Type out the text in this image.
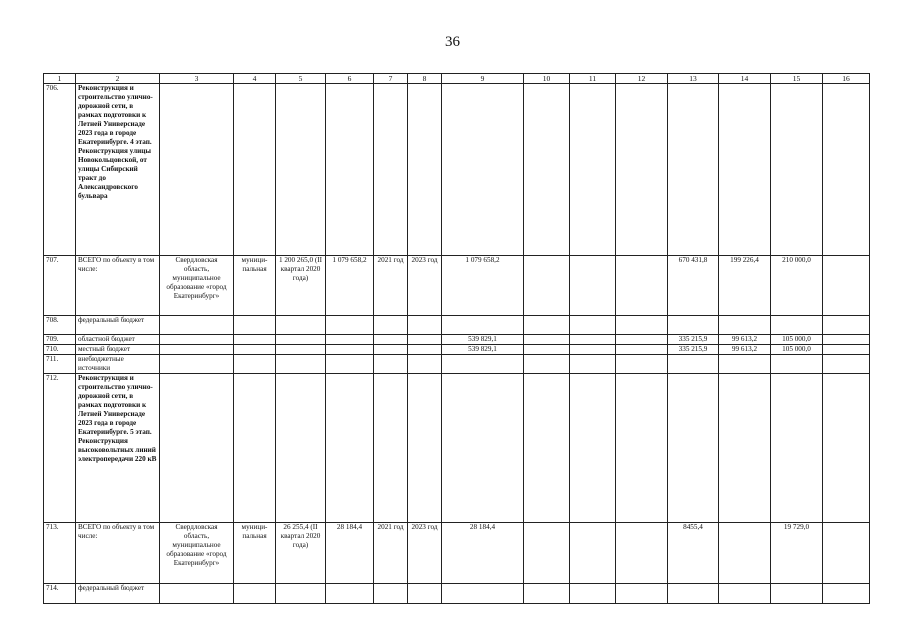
36
1	2	3	4	5	6	7	8	9	10	11	12	13	14	15	16
706.	Реконструкция и строительство улично-дорожной сети, в рамках подготовки к Летней Универсиаде 2023 года в городе Екатеринбурге. 4 этап. Реконструкция улицы Новокольцовской, от улицы Сибирский тракт до Александровского бульвара														
707.	ВСЕГО по объекту в том числе:	Свердловская область, муниципальное образование «город Екатеринбург»	муници-пальная	1 200 265,0 (II квартал 2020 года)	1 079 658,2	2021 год	2023 год	1 079 658,2				670 431,8	199 226,4	210 000,0	
708.	федеральный бюджет														
709.	областной бюджет							539 829,1				335 215,9	99 613,2	105 000,0	
710.	местный бюджет							539 829,1				335 215,9	99 613,2	105 000,0	
711.	внебюджетные источники														
712.	Реконструкция и строительство улично-дорожной сети, в рамках подготовки к Летней Универсиаде 2023 года в городе Екатеринбурге. 5 этап. Реконструкция высоковольтных линий электропередачи 220 кВ														
713.	ВСЕГО по объекту в том числе:	Свердловская область, муниципальное образование «город Екатеринбург»	муници-пальная	26 255,4 (II квартал 2020 года)	28 184,4	2021 год	2023 год	28 184,4				8455,4		19 729,0	
714.	федеральный бюджет														
